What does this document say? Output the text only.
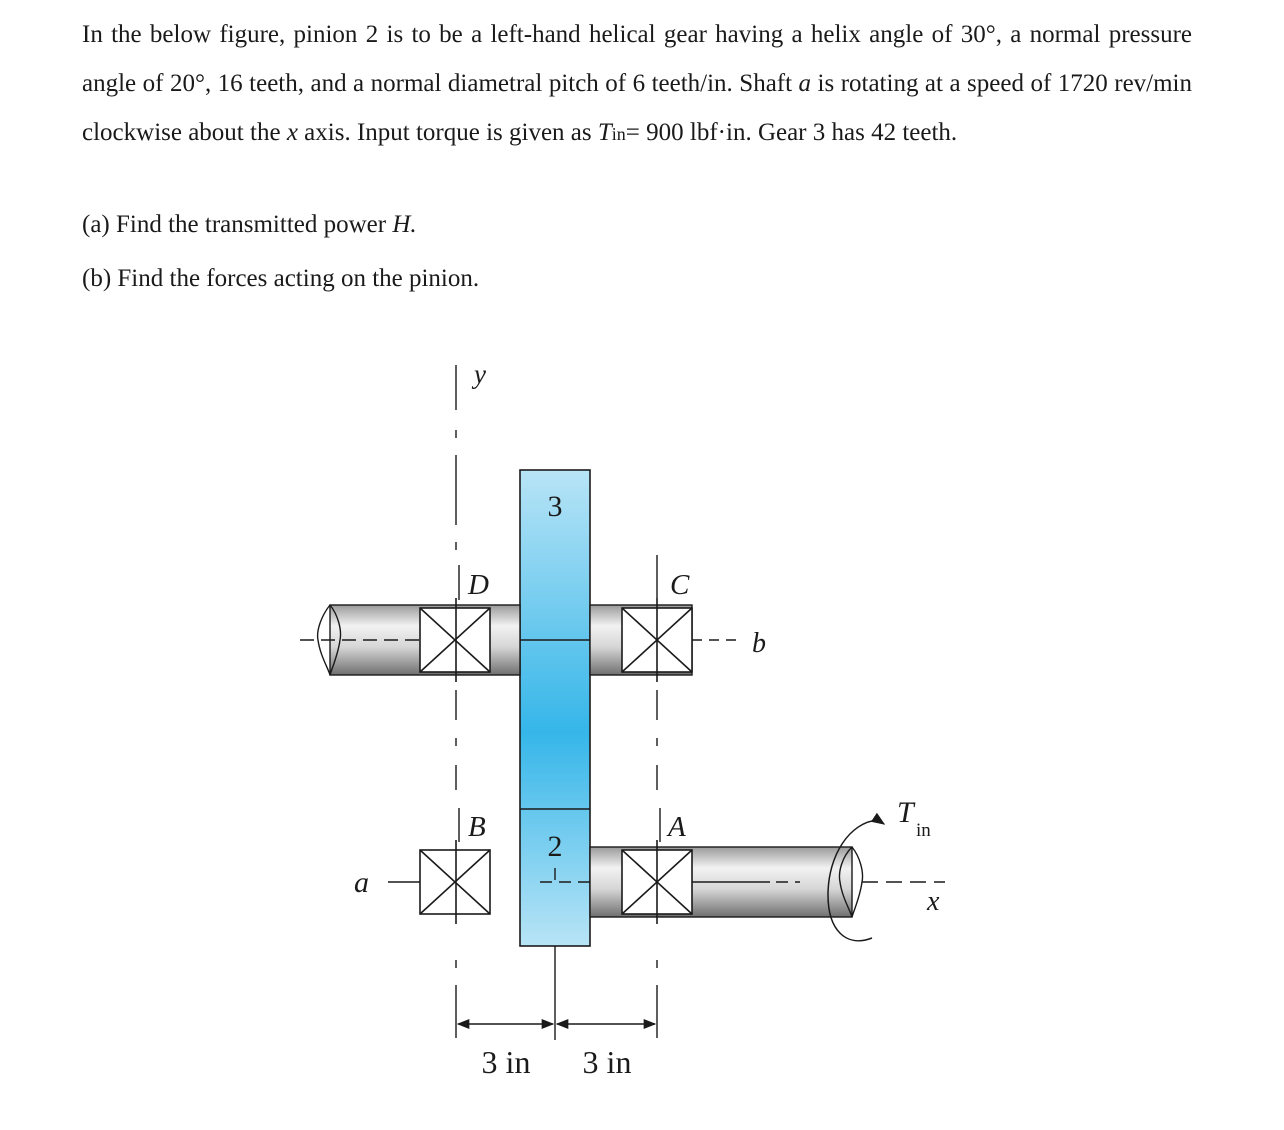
In the below figure, pinion 2 is to be a left-hand helical gear having a helix angle of 30°, a normal pressure angle of 20°, 16 teeth, and a normal diametral pitch of 6 teeth/in. Shaft a is rotating at a speed of 1720 rev/min clockwise about the x axis. Input torque is given as Tin= 900 lbf·in. Gear 3 has 42 teeth.

(a) Find the transmitted power H.
(b) Find the forces acting on the pinion.
y
3
2
b
D	C
a
x
B	A	T
in
3 in 3 in
